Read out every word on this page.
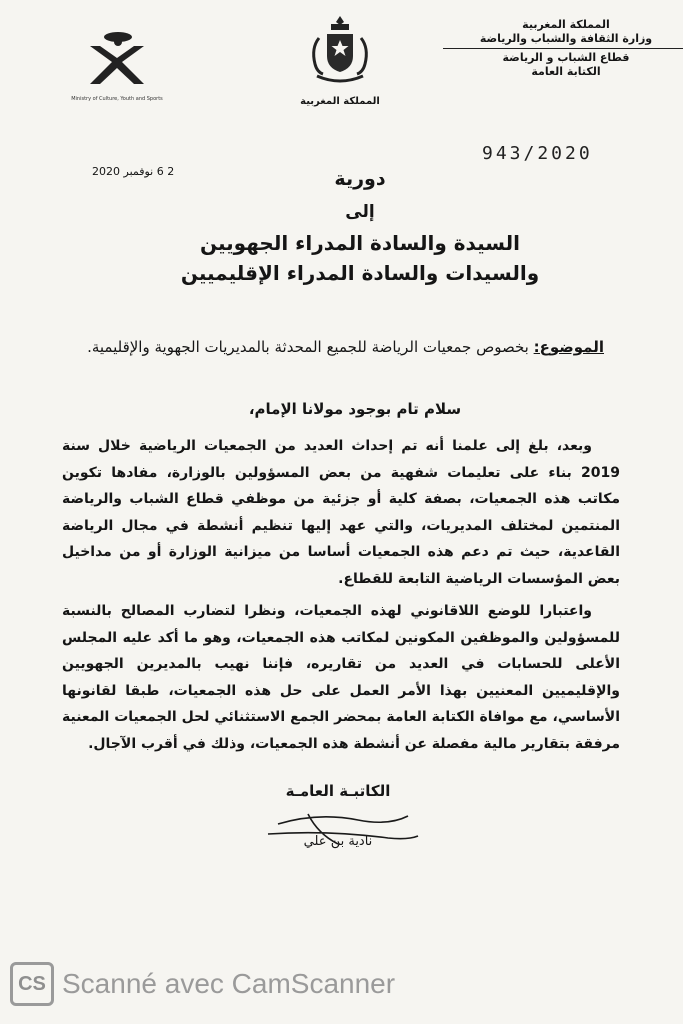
المملكة المغربية
وزارة الثقافة والشباب والرياضة
قطاع الشباب و الرياضة
الكتابة العامة
المملكة المغربية
Ministry of Culture, Youth and Sports
943/2020
2 6 نوفمبر 2020	دورية
إلى
السيدة والسادة المدراء الجهويين
والسيدات والسادة المدراء الإقليميين
الموضوع: بخصوص جمعيات الرياضة للجميع المحدثة بالمديريات الجهوية والإقليمية.
سلام تام بوجود مولانا الإمام،

وبعد، بلغ إلى علمنا أنه تم إحداث العديد من الجمعيات الرياضية خلال سنة 2019 بناء على تعليمات شفهية من بعض المسؤولين بالوزارة، مفادها تكوين مكاتب هذه الجمعيات، بصفة كلية أو جزئية من موظفي قطاع الشباب والرياضة المنتمين لمختلف المديريات، والتي عهد إليها تنظيم أنشطة في مجال الرياضة القاعدية، حيث تم دعم هذه الجمعيات أساسا من ميزانية الوزارة أو من مداخيل بعض المؤسسات الرياضية التابعة للقطاع.

واعتبارا للوضع اللاقانوني لهذه الجمعيات، ونظرا لتضارب المصالح بالنسبة للمسؤولين والموظفين المكونين لمكاتب هذه الجمعيات، وهو ما أكد عليه المجلس الأعلى للحسابات في العديد من تقاريره، فإننا نهيب بالمديرين الجهويين والإقليميين المعنيين بهذا الأمر العمل على حل هذه الجمعيات، طبقا لقانونها الأساسي، مع موافاة الكتابة العامة بمحضر الجمع الاستثنائي لحل الجمعيات المعنية مرفقة بتقارير مالية مفصلة عن أنشطة هذه الجمعيات، وذلك في أقرب الآجال.

الكاتبـة العامـة
نادية بن علي
CS Scanné avec CamScanner
